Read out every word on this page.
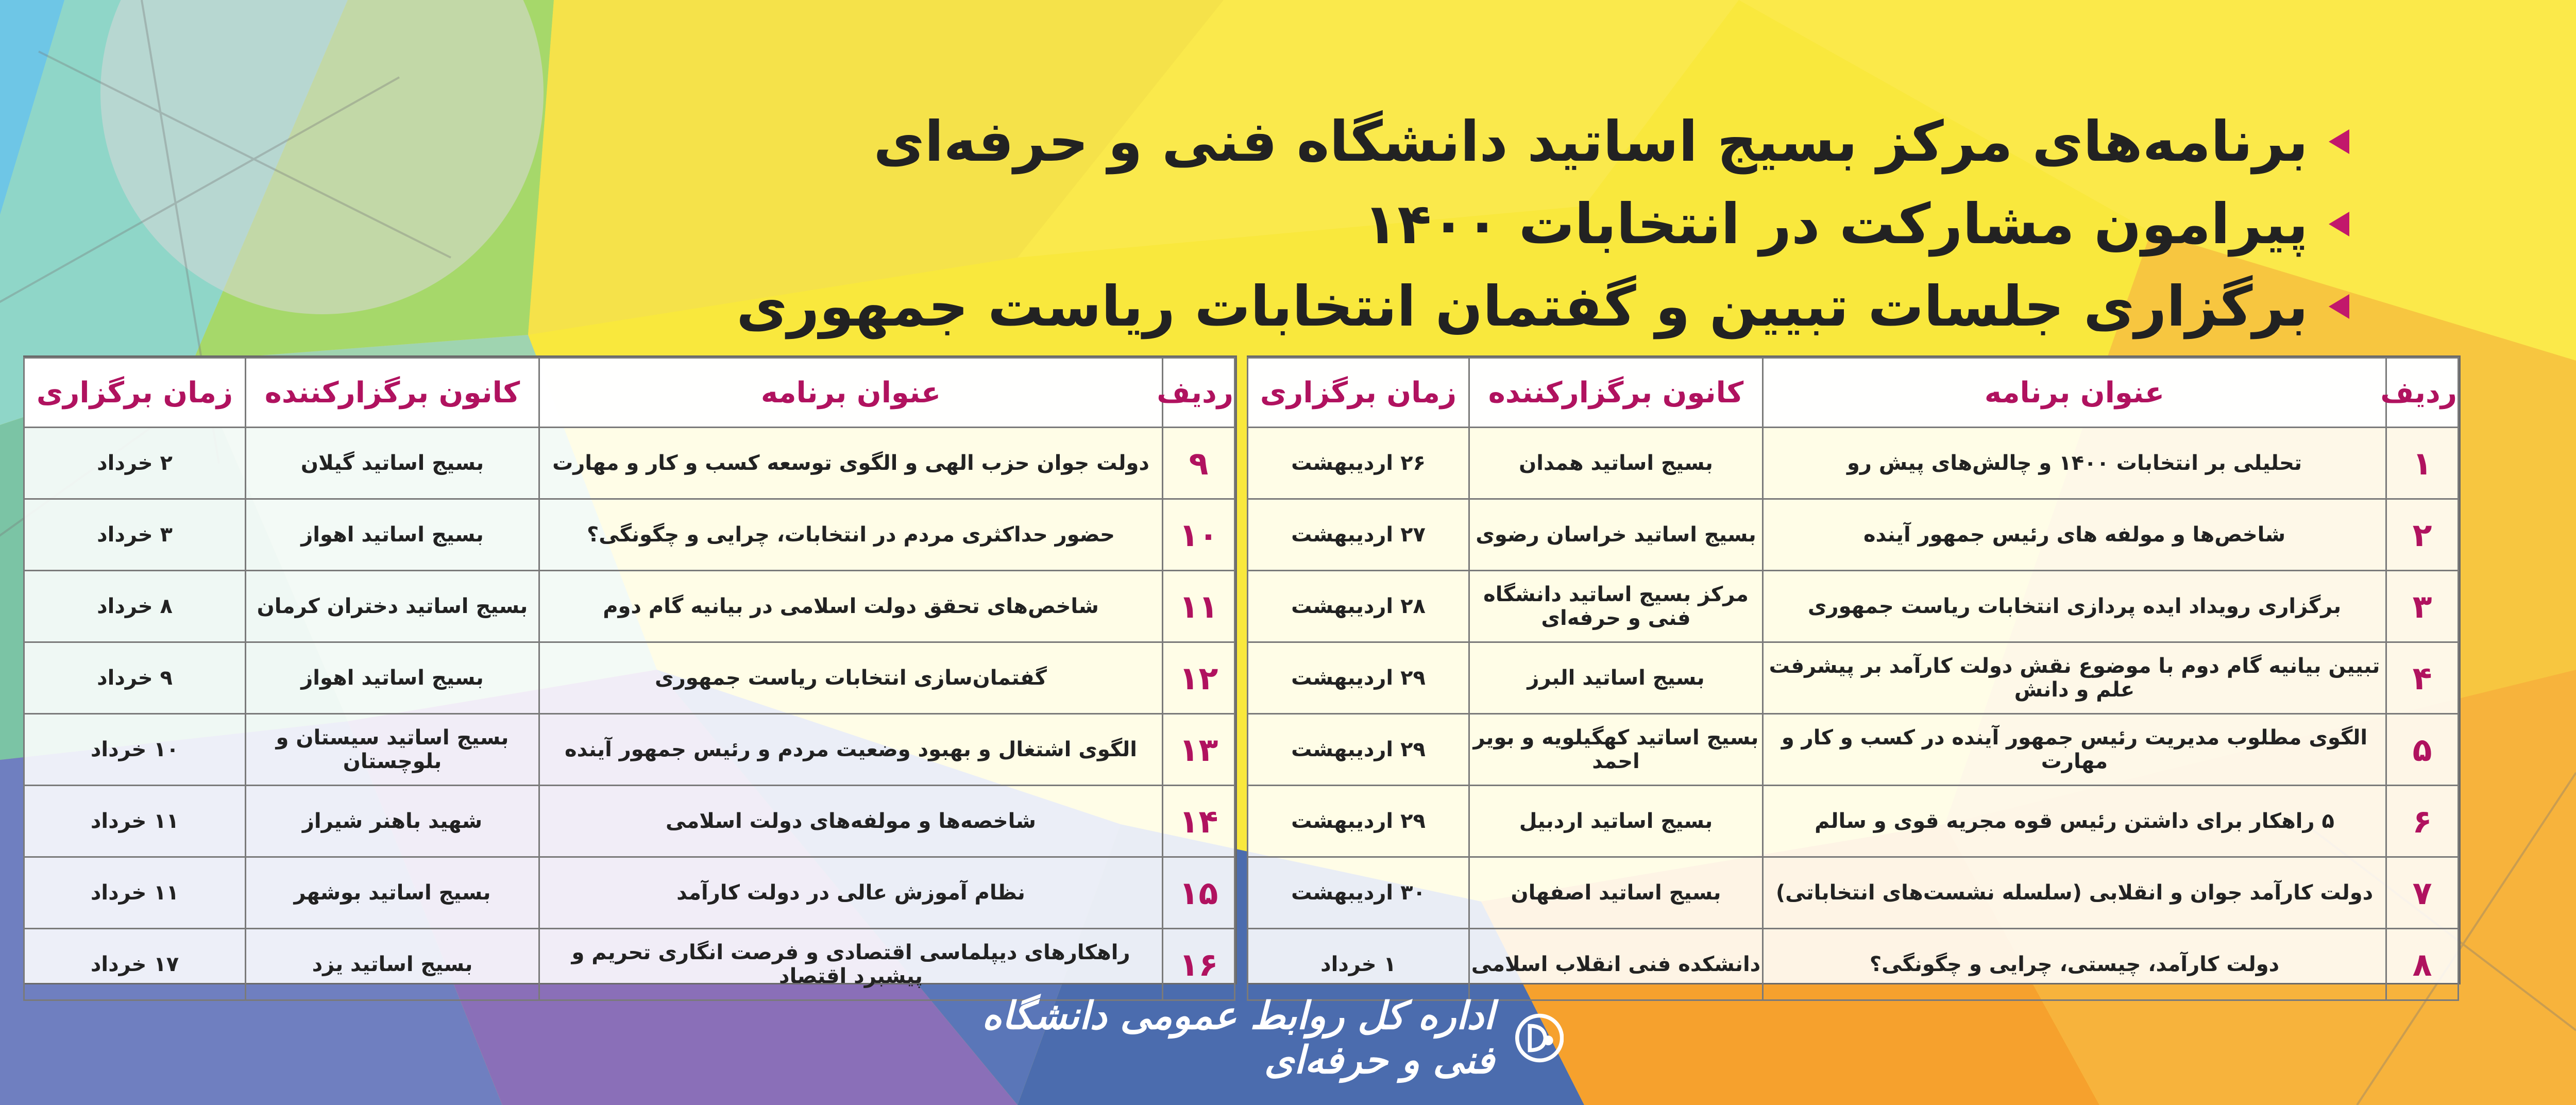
برنامه‌های مرکز بسیج اساتید دانشگاه فنی و حرفه‌ای
پیرامون مشارکت در انتخابات ۱۴۰۰
برگزاری جلسات تبیین و گفتمان انتخابات ریاست جمهوری
ردیف	عنوان برنامه	کانون برگزارکننده	زمان برگزاری
۱	تحلیلی بر انتخابات ۱۴۰۰ و چالش‌های پیش رو	بسیج اساتید همدان	۲۶ اردیبهشت
۲	شاخص‌ها و مولفه های رئیس جمهور آینده	بسیج اساتید خراسان رضوی	۲۷ اردیبهشت
۳	برگزاری رویداد ایده پردازی انتخابات ریاست جمهوری	مرکز بسیج اساتید دانشگاه فنی و حرفه‌ای	۲۸ اردیبهشت
۴	تبیین بیانیه گام دوم با موضوع نقش دولت کارآمد بر پیشرفت علم و دانش	بسیج اساتید البرز	۲۹ اردیبهشت
۵	الگوی مطلوب مدیریت رئیس جمهور آینده در کسب و کار و مهارت	بسیج اساتید کهگیلویه و بویر احمد	۲۹ اردیبهشت
۶	۵ راهکار برای داشتن رئیس قوه مجریه قوی و سالم	بسیج اساتید اردبیل	۲۹ اردیبهشت
۷	دولت کارآمد جوان و انقلابی (سلسله نشست‌های انتخاباتی)	بسیج اساتید اصفهان	۳۰ اردیبهشت
۸	دولت کارآمد، چیستی، چرایی و چگونگی؟	دانشکده فنی انقلاب اسلامی	۱ خرداد
ردیف	عنوان برنامه	کانون برگزارکننده	زمان برگزاری
۹	دولت جوان حزب الهی و الگوی توسعه کسب و کار و مهارت	بسیج اساتید گیلان	۲ خرداد
۱۰	حضور حداکثری مردم در انتخابات، چرایی و چگونگی؟	بسیج اساتید اهواز	۳ خرداد
۱۱	شاخص‌های تحقق دولت اسلامی در بیانیه گام دوم	بسیج اساتید دختران کرمان	۸ خرداد
۱۲	گفتمان‌سازی انتخابات ریاست جمهوری	بسیج اساتید اهواز	۹ خرداد
۱۳	الگوی اشتغال و بهبود وضعیت مردم و رئیس جمهور آینده	بسیج اساتید سیستان و بلوچستان	۱۰ خرداد
۱۴	شاخصه‌ها و مولفه‌های دولت اسلامی	شهید باهنر شیراز	۱۱ خرداد
۱۵	نظام آموزش عالی در دولت کارآمد	بسیج اساتید بوشهر	۱۱ خرداد
۱۶	راهکارهای دیپلماسی اقتصادی و فرصت انگاری تحریم و پیشبرد اقتصاد	بسیج اساتید یزد	۱۷ خرداد
اداره کل روابط عمومی دانشگاه فنی و حرفه‌ای
